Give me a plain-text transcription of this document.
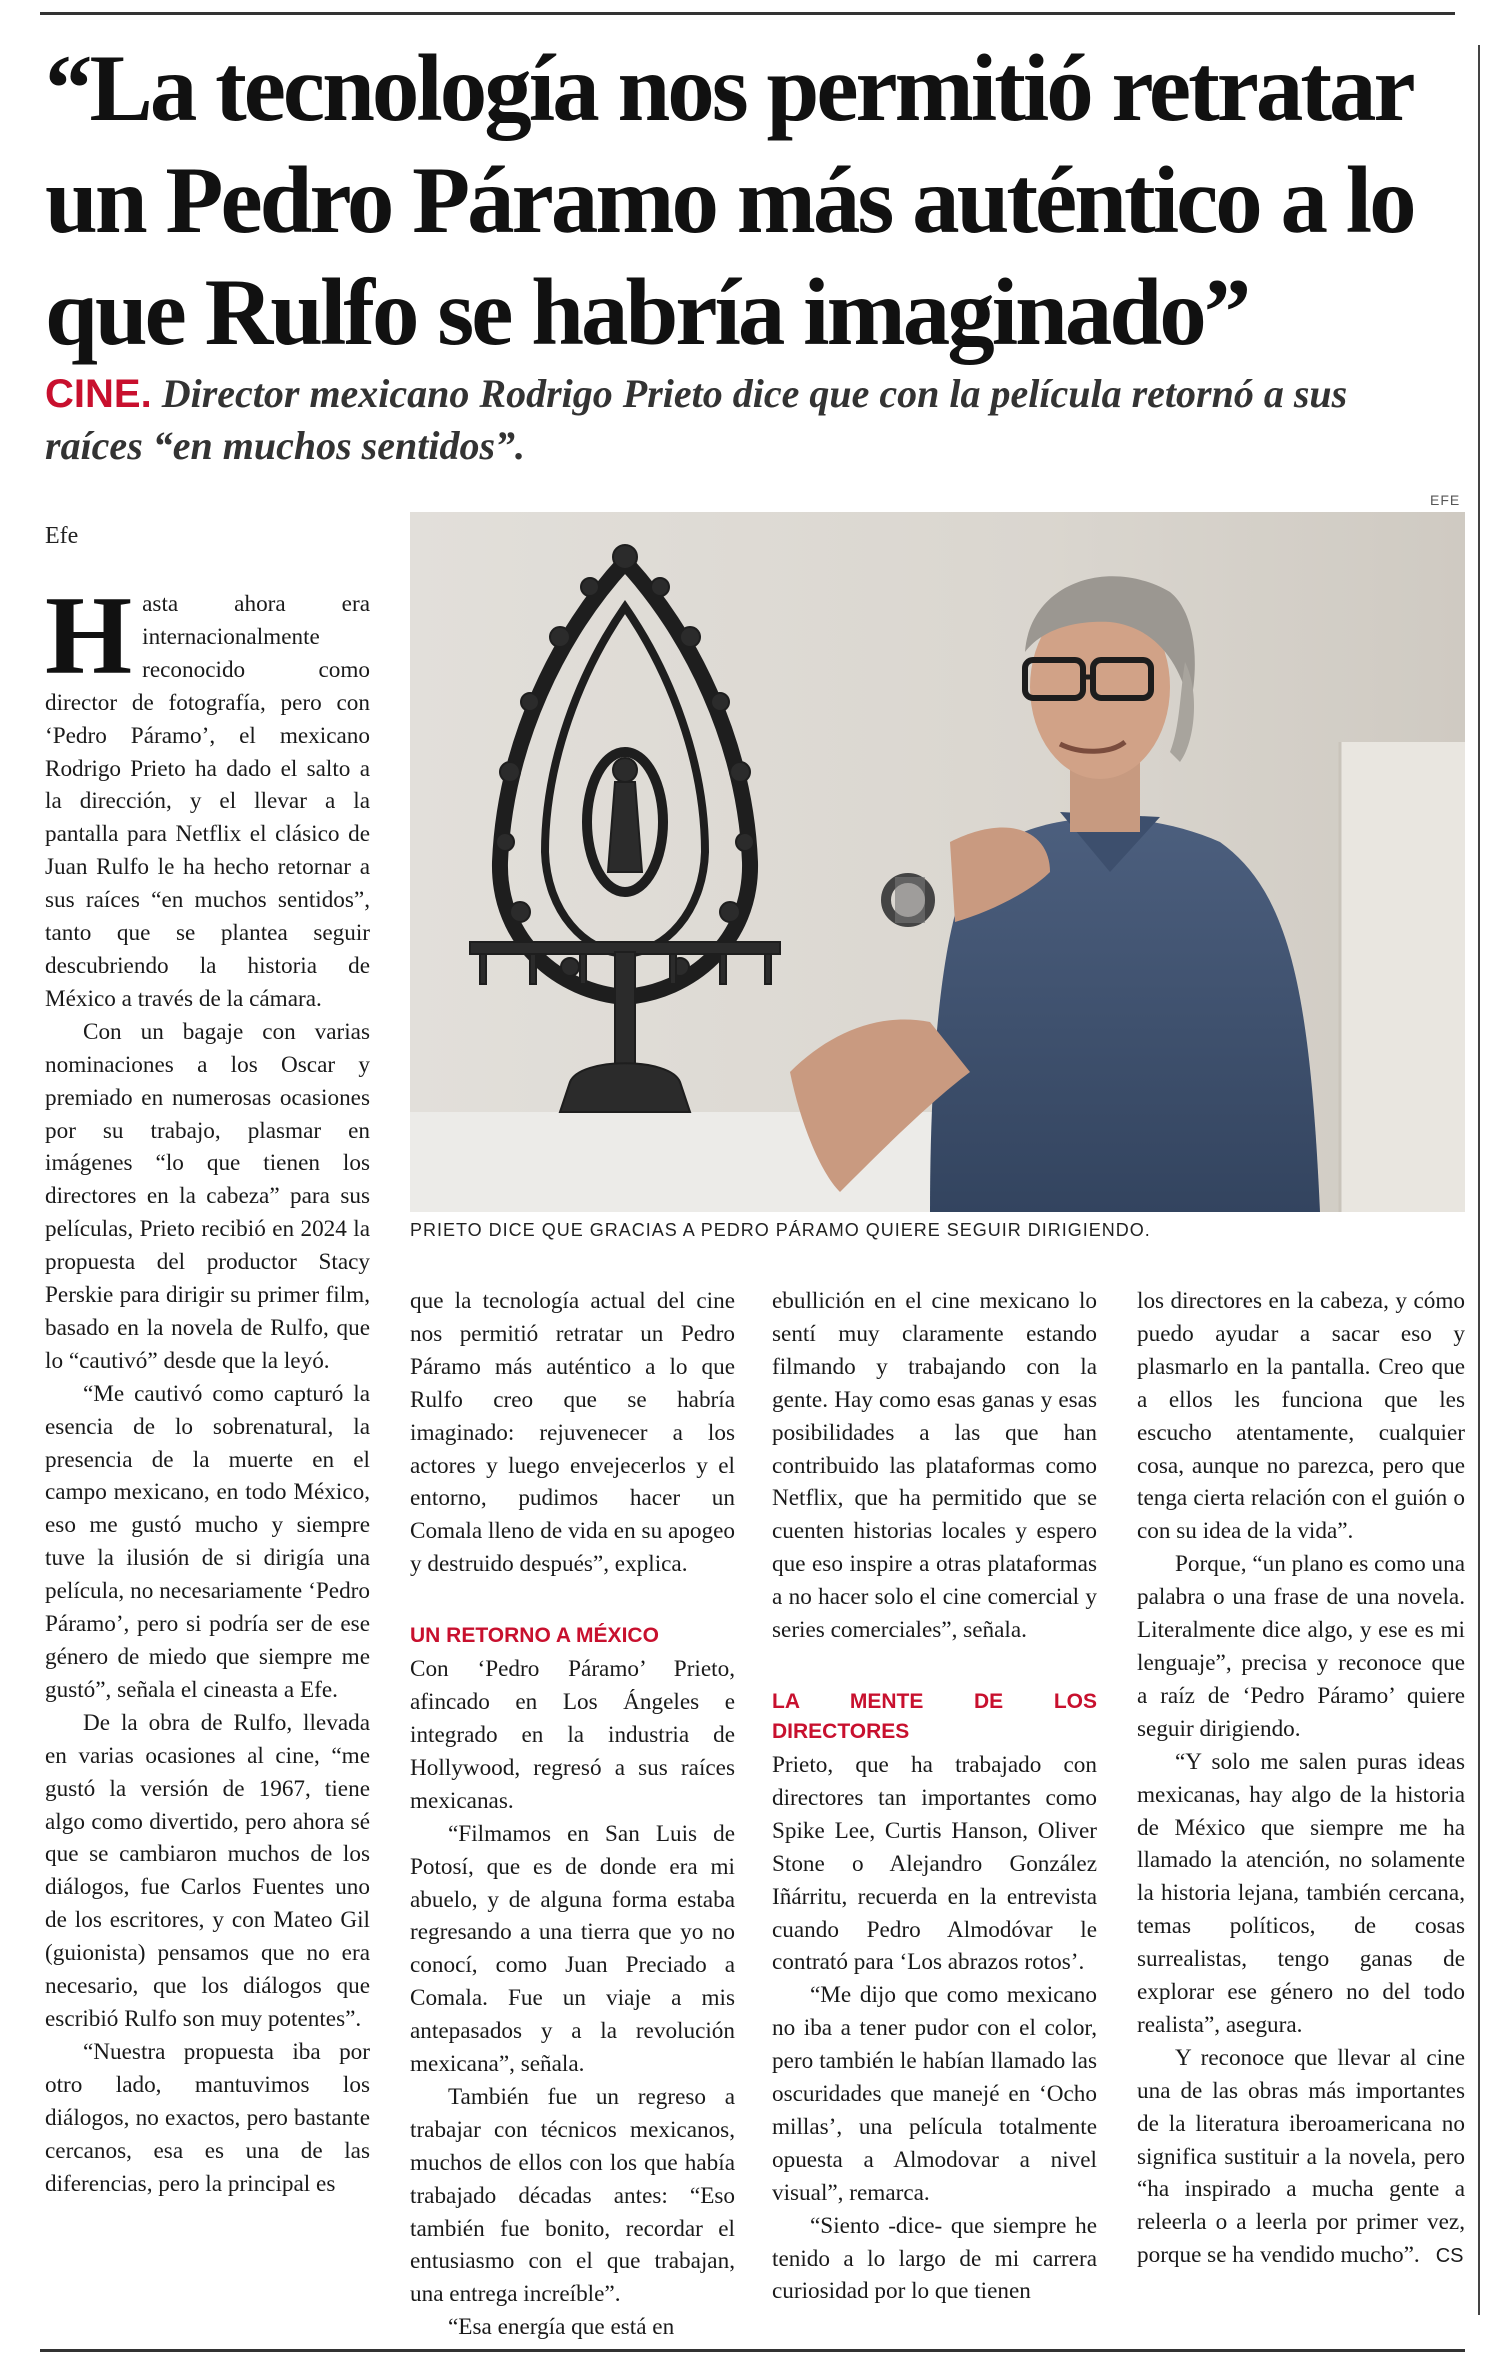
“La tecnología nos permitió retratar un Pedro Páramo más auténtico a lo que Rulfo se habría imaginado”
CINE. Director mexicano Rodrigo Prieto dice que con la película retornó a sus raíces “en muchos sentidos”.
Efe
EFE
PRIETO DICE QUE GRACIAS A PEDRO PÁRAMO QUIERE SEGUIR DIRIGIENDO.

Hasta ahora era internacionalmente reconocido como director de fotografía, pero con ‘Pedro Páramo’, el mexicano Rodrigo Prieto ha dado el salto a la dirección, y el llevar a la pantalla para Netflix el clásico de Juan Rulfo le ha hecho retornar a sus raíces “en muchos sentidos”, tanto que se plantea seguir descubriendo la historia de México a través de la cámara.

Con un bagaje con varias nominaciones a los Oscar y premiado en numerosas ocasiones por su trabajo, plasmar en imágenes “lo que tienen los directores en la cabeza” para sus películas, Prieto recibió en 2024 la propuesta del productor Stacy Perskie para dirigir su primer film, basado en la novela de Rulfo, que lo “cautivó” desde que la leyó.

“Me cautivó como capturó la esencia de lo sobrenatural, la presencia de la muerte en el campo mexicano, en todo México, eso me gustó mucho y siempre tuve la ilusión de si dirigía una película, no necesariamente ‘Pedro Páramo’, pero si podría ser de ese género de miedo que siempre me gustó”, señala el cineasta a Efe.

De la obra de Rulfo, llevada en varias ocasiones al cine, “me gustó la versión de 1967, tiene algo como divertido, pero ahora sé que se cambiaron muchos de los diálogos, fue Carlos Fuentes uno de los escritores, y con Mateo Gil (guionista) pensamos que no era necesario, que los diálogos que escribió Rulfo son muy potentes”.

“Nuestra propuesta iba por otro lado, mantuvimos los diálogos, no exactos, pero bastante cercanos, esa es una de las diferencias, pero la principal es

que la tecnología actual del cine nos permitió retratar un Pedro Páramo más auténtico a lo que Rulfo creo que se habría imaginado: rejuvenecer a los actores y luego envejecerlos y el entorno, pudimos hacer un Comala lleno de vida en su apogeo y destruido después”, explica.

UN RETORNO A MÉXICO

Con ‘Pedro Páramo’ Prieto, afincado en Los Ángeles e integrado en la industria de Hollywood, regresó a sus raíces mexicanas.

“Filmamos en San Luis de Potosí, que es de donde era mi abuelo, y de alguna forma estaba regresando a una tierra que yo no conocí, como Juan Preciado a Comala. Fue un viaje a mis antepasados y a la revolución mexicana”, señala.

También fue un regreso a trabajar con técnicos mexicanos, muchos de ellos con los que había trabajado décadas antes: “Eso también fue bonito, recordar el entusiasmo con el que trabajan, una entrega increíble”.

“Esa energía que está en

ebullición en el cine mexicano lo sentí muy claramente estando filmando y trabajando con la gente. Hay como esas ganas y esas posibilidades a las que han contribuido las plataformas como Netflix, que ha permitido que se cuenten historias locales y espero que eso inspire a otras plataformas a no hacer solo el cine comercial y series comerciales”, señala.

LA MENTE DE LOS DIRECTORES

Prieto, que ha trabajado con directores tan importantes como Spike Lee, Curtis Hanson, Oliver Stone o Alejandro González Iñárritu, recuerda en la entrevista cuando Pedro Almodóvar le contrató para ‘Los abrazos rotos’.

“Me dijo que como mexicano no iba a tener pudor con el color, pero también le habían llamado las oscuridades que manejé en ‘Ocho millas’, una película totalmente opuesta a Almodovar a nivel visual”, remarca.

“Siento -dice- que siempre he tenido a lo largo de mi carrera curiosidad por lo que tienen

los directores en la cabeza, y cómo puedo ayudar a sacar eso y plasmarlo en la pantalla. Creo que a ellos les funciona que les escucho atentamente, cualquier cosa, aunque no parezca, pero que tenga cierta relación con el guión o con su idea de la vida”.

Porque, “un plano es como una palabra o una frase de una novela. Literalmente dice algo, y ese es mi lenguaje”, precisa y reconoce que a raíz de ‘Pedro Páramo’ quiere seguir dirigiendo.

“Y solo me salen puras ideas mexicanas, hay algo de la historia de México que siempre me ha llamado la atención, no solamente la historia lejana, también cercana, temas políticos, de cosas surrealistas, tengo ganas de explorar ese género no del todo realista”, asegura.

Y reconoce que llevar al cine una de las obras más importantes de la literatura iberoamericana no significa sustituir a la novela, pero “ha inspirado a mucha gente a releerla o a leerla por primer vez, porque se ha vendido mucho”. CS
